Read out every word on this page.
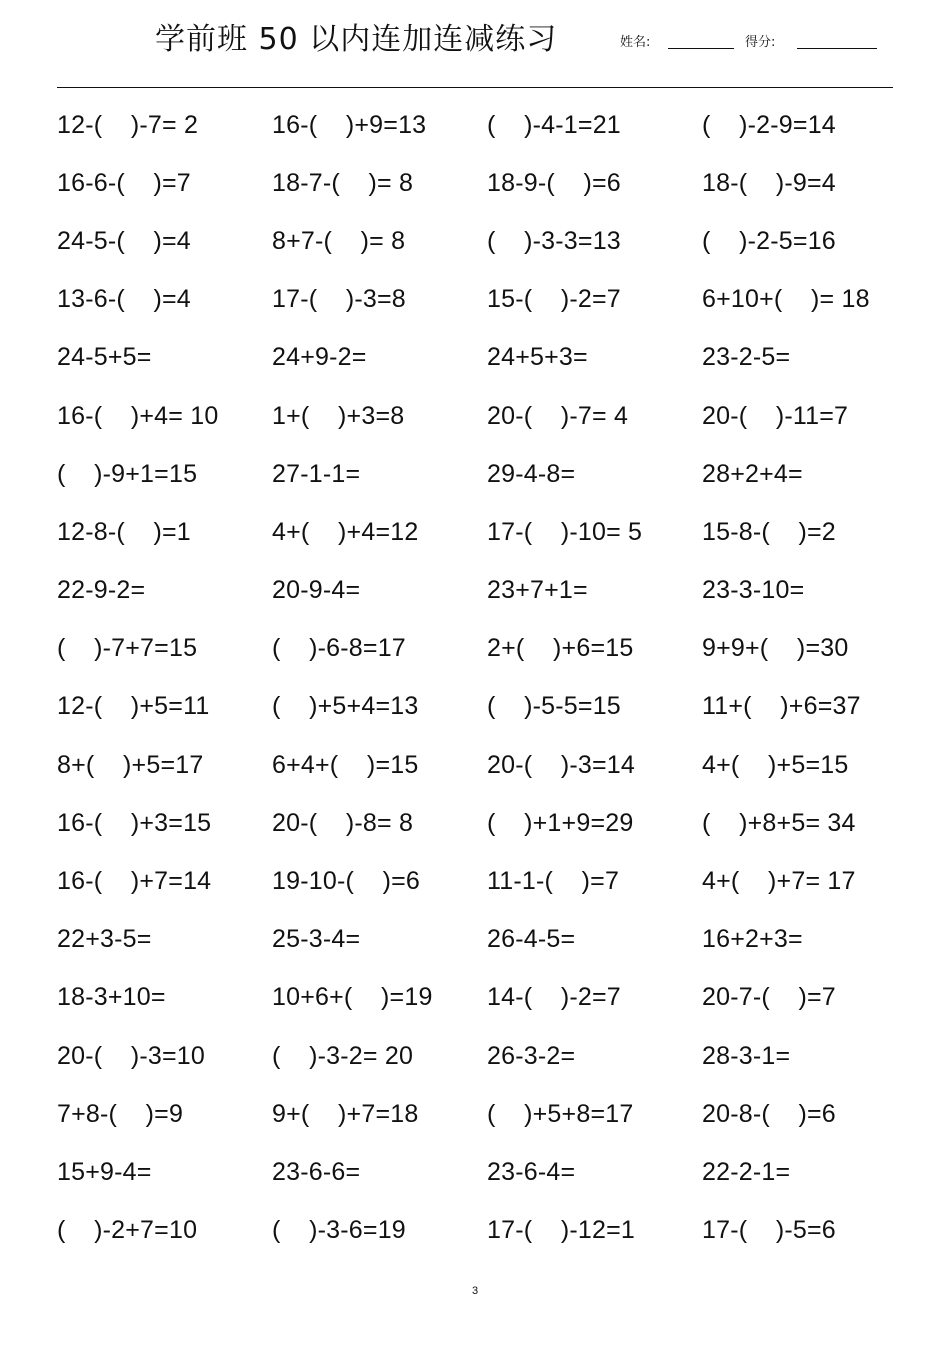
学前班 50 以内连加连减练习	姓名:	得分:
12-(    )-7= 2	16-(    )+9=13	(    )-4-1=21	(    )-2-9=14
16-6-(    )=7	18-7-(    )= 8	18-9-(    )=6	18-(    )-9=4
24-5-(    )=4	8+7-(    )= 8	(    )-3-3=13	(    )-2-5=16
13-6-(    )=4	17-(    )-3=8	15-(    )-2=7	6+10+(    )= 18
24-5+5=	24+9-2=	24+5+3=	23-2-5=
16-(    )+4= 10	1+(    )+3=8	20-(    )-7= 4	20-(    )-11=7
(    )-9+1=15	27-1-1=	29-4-8=	28+2+4=
12-8-(    )=1	4+(    )+4=12	17-(    )-10= 5	15-8-(    )=2
22-9-2=	20-9-4=	23+7+1=	23-3-10=
(    )-7+7=15	(    )-6-8=17	2+(    )+6=15	9+9+(    )=30
12-(    )+5=11	(    )+5+4=13	(    )-5-5=15	11+(    )+6=37
8+(    )+5=17	6+4+(    )=15	20-(    )-3=14	4+(    )+5=15
16-(    )+3=15	20-(    )-8= 8	(    )+1+9=29	(    )+8+5= 34
16-(    )+7=14	19-10-(    )=6	11-1-(    )=7	4+(    )+7= 17
22+3-5=	25-3-4=	26-4-5=	16+2+3=
18-3+10=	10+6+(    )=19	14-(    )-2=7	20-7-(    )=7
20-(    )-3=10	(    )-3-2= 20	26-3-2=	28-3-1=
7+8-(    )=9	9+(    )+7=18	(    )+5+8=17	20-8-(    )=6
15+9-4=	23-6-6=	23-6-4=	22-2-1=
(    )-2+7=10	(    )-3-6=19	17-(    )-12=1	17-(    )-5=6
3
